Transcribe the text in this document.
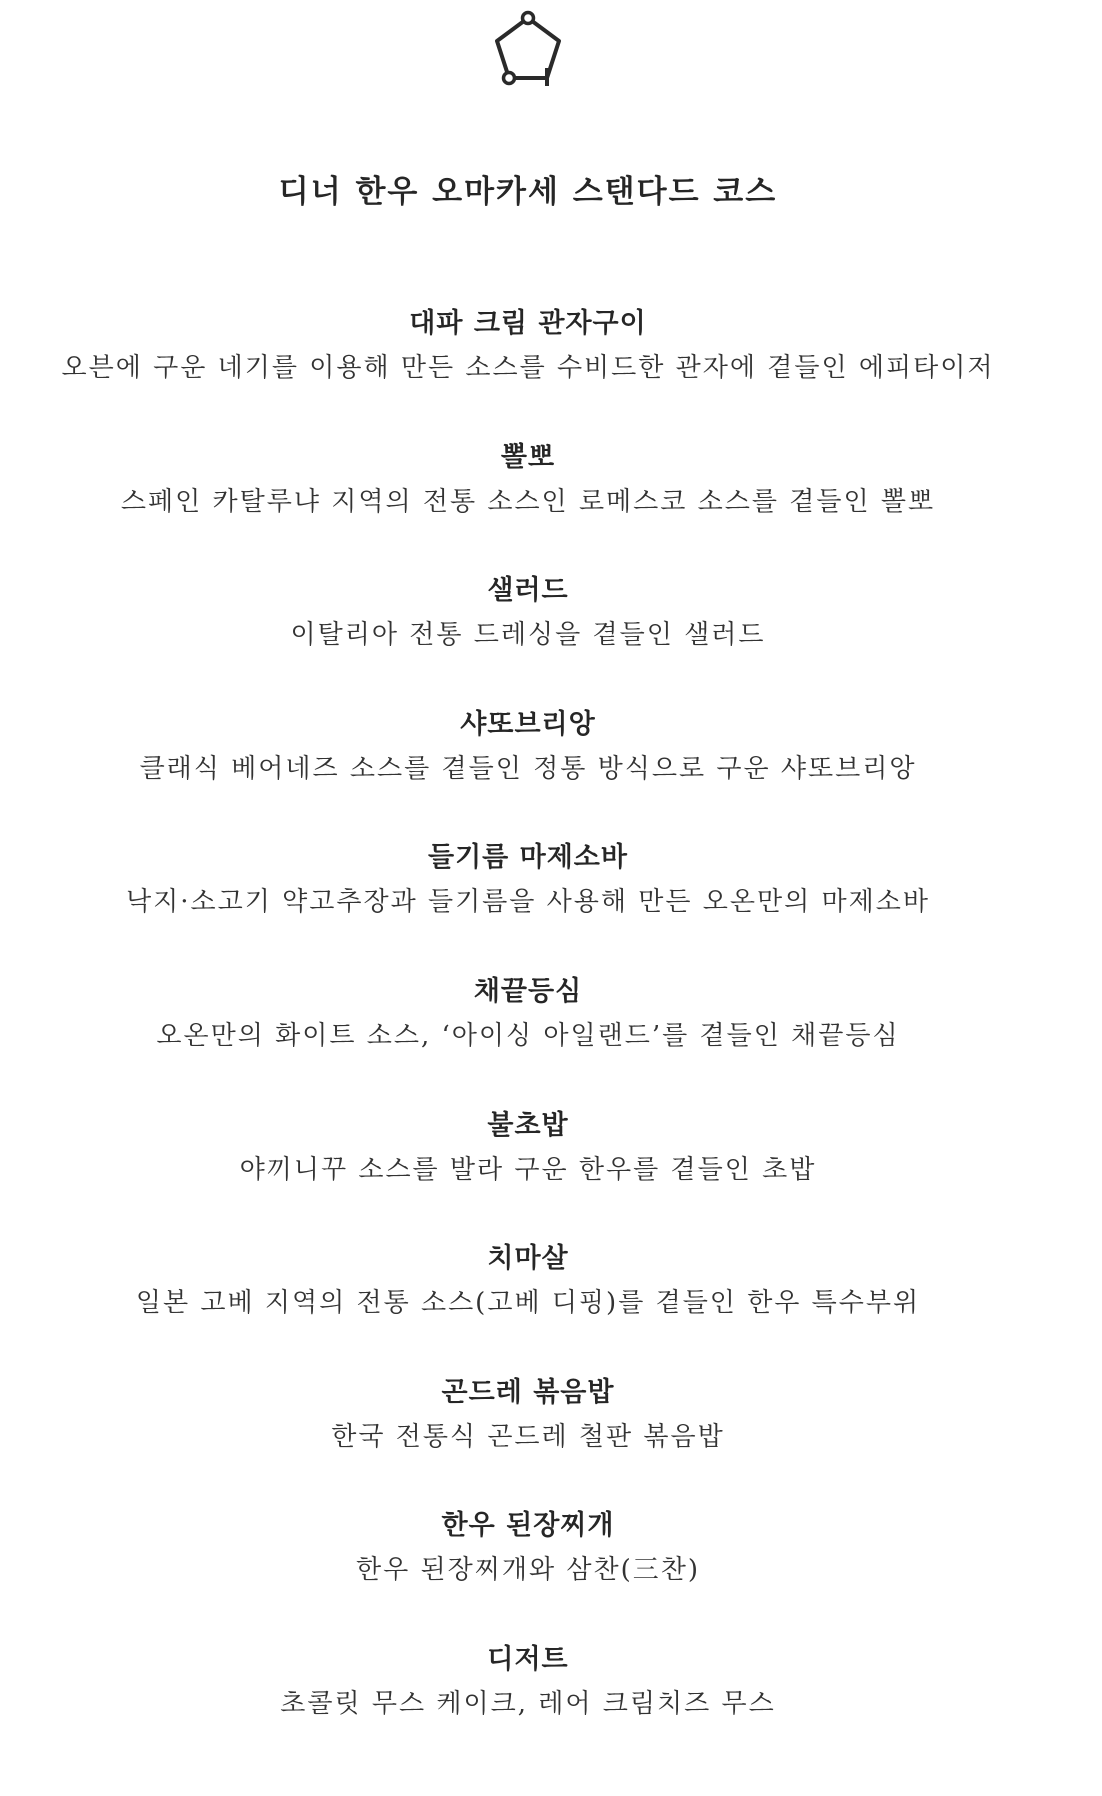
디너 한우 오마카세 스탠다드 코스
대파 크림 관자구이
오븐에 구운 네기를 이용해 만든 소스를 수비드한 관자에 곁들인 에피타이저
뽈뽀
스페인 카탈루냐 지역의 전통 소스인 로메스코 소스를 곁들인 뽈뽀
샐러드
이탈리아 전통 드레싱을 곁들인 샐러드
샤또브리앙
클래식 베어네즈 소스를 곁들인 정통 방식으로 구운 샤또브리앙
들기름 마제소바
낙지·소고기 약고추장과 들기름을 사용해 만든 오온만의 마제소바
채끝등심
오온만의 화이트 소스, ‘아이싱 아일랜드’를 곁들인 채끝등심
불초밥
야끼니꾸 소스를 발라 구운 한우를 곁들인 초밥
치마살
일본 고베 지역의 전통 소스(고베 디핑)를 곁들인 한우 특수부위
곤드레 볶음밥
한국 전통식 곤드레 철판 볶음밥
한우 된장찌개
한우 된장찌개와 삼찬(三찬)
디저트
초콜릿 무스 케이크, 레어 크림치즈 무스
